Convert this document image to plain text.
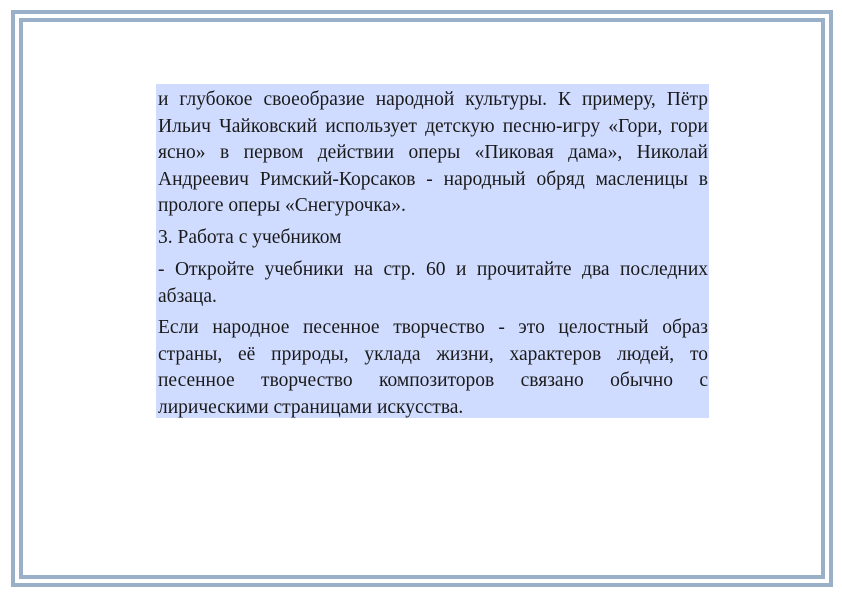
и глубокое своеобразие народной культуры. К примеру, Пётр Ильич Чайковский использует детскую песню-игру «Гори, гори ясно» в первом действии оперы «Пиковая дама», Николай Андреевич Римский-Корсаков - народный обряд масленицы в прологе оперы «Снегурочка».

3. Работа с учебником

- Откройте учебники на стр. 60 и прочитайте два последних абзаца.

Если народное песенное творчество - это целостный образ страны, её природы, уклада жизни, характеров людей, то песенное творчество композиторов связано обычно с лирическими страницами искусства.
